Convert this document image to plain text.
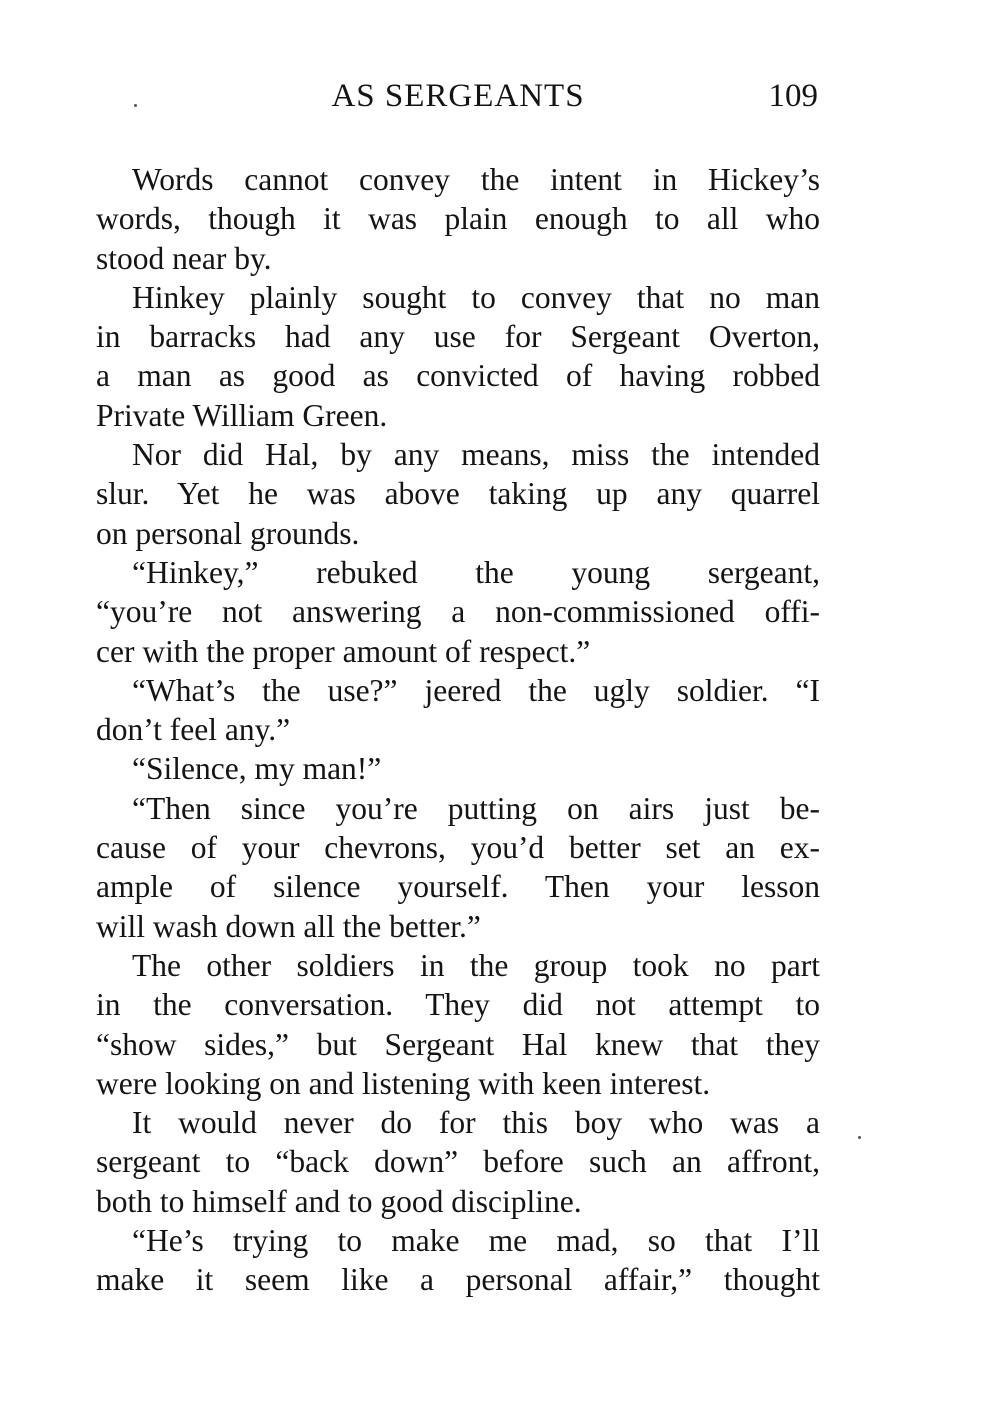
AS SERGEANTS	109

Words cannot convey the intent in Hickey’s
words, though it was plain enough to all who
stood near by.

Hinkey plainly sought to convey that no man
in barracks had any use for Sergeant Overton,
a man as good as convicted of having robbed
Private William Green.

Nor did Hal, by any means, miss the intended
slur. Yet he was above taking up any quarrel
on personal grounds.

“Hinkey,” rebuked the young sergeant,
“you’re not answering a non-commissioned offi-
cer with the proper amount of respect.”

“What’s the use?” jeered the ugly soldier. “I
don’t feel any.”

“Silence, my man!”

“Then since you’re putting on airs just be-
cause of your chevrons, you’d better set an ex-
ample of silence yourself. Then your lesson
will wash down all the better.”

The other soldiers in the group took no part
in the conversation. They did not attempt to
“show sides,” but Sergeant Hal knew that they
were looking on and listening with keen interest.

It would never do for this boy who was a
sergeant to “back down” before such an affront,
both to himself and to good discipline.

“He’s trying to make me mad, so that I’ll
make it seem like a personal affair,” thought
